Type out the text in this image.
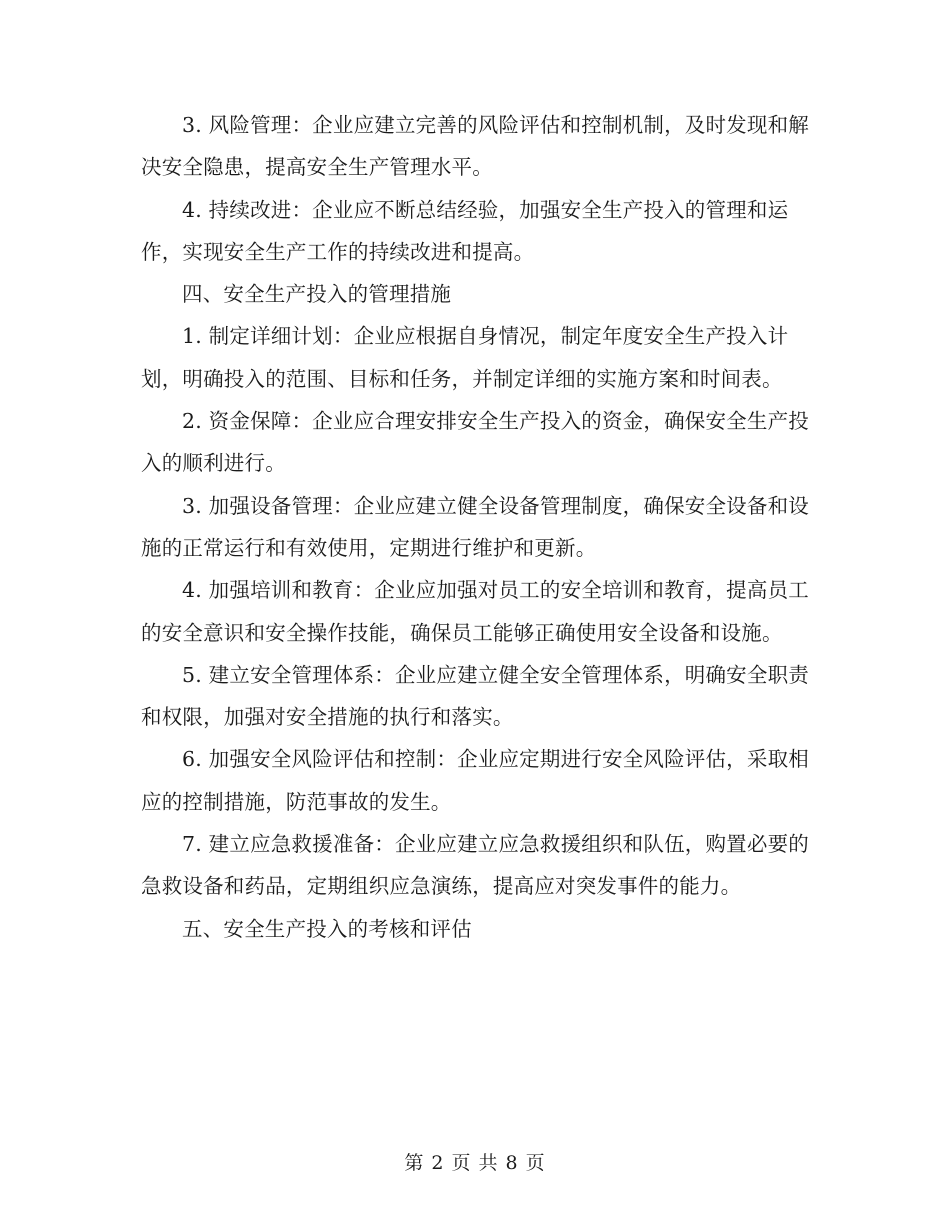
3. 风险管理：企业应建立完善的风险评估和控制机制，及时发现和解决安全隐患，提高安全生产管理水平。

4. 持续改进：企业应不断总结经验，加强安全生产投入的管理和运作，实现安全生产工作的持续改进和提高。

四、安全生产投入的管理措施

1. 制定详细计划：企业应根据自身情况，制定年度安全生产投入计划，明确投入的范围、目标和任务，并制定详细的实施方案和时间表。

2. 资金保障：企业应合理安排安全生产投入的资金，确保安全生产投入的顺利进行。

3. 加强设备管理：企业应建立健全设备管理制度，确保安全设备和设施的正常运行和有效使用，定期进行维护和更新。

4. 加强培训和教育：企业应加强对员工的安全培训和教育，提高员工的安全意识和安全操作技能，确保员工能够正确使用安全设备和设施。

5. 建立安全管理体系：企业应建立健全安全管理体系，明确安全职责和权限，加强对安全措施的执行和落实。

6. 加强安全风险评估和控制：企业应定期进行安全风险评估，采取相应的控制措施，防范事故的发生。

7. 建立应急救援准备：企业应建立应急救援组织和队伍，购置必要的急救设备和药品，定期组织应急演练，提高应对突发事件的能力。

五、安全生产投入的考核和评估

第 2 页 共 8 页
